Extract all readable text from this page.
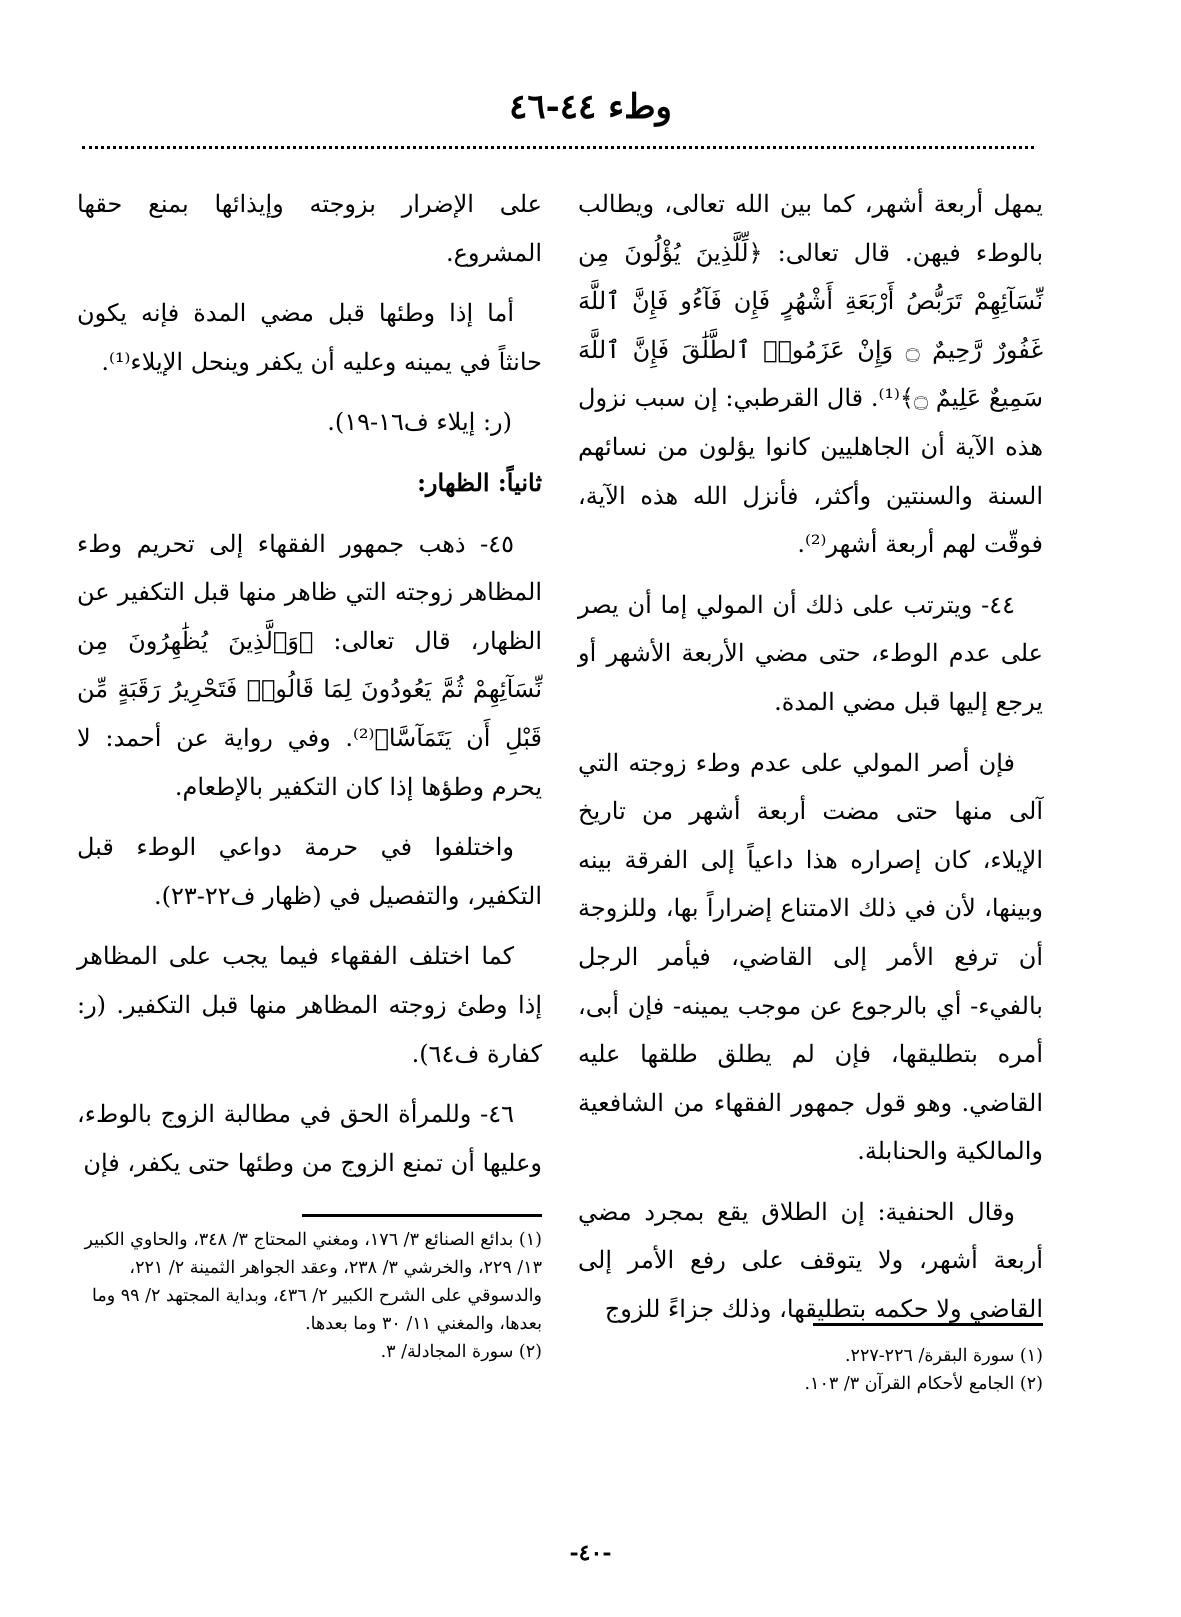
وطء ٤٤-٤٦

يمهل أربعة أشهر، كما بين الله تعالى، ويطالب بالوطء فيهن. قال تعالى: ﴿لِّلَّذِينَ يُؤْلُونَ مِن نِّسَآئِهِمْ تَرَبُّصُ أَرْبَعَةِ أَشْهُرٍ فَإِن فَآءُو فَإِنَّ ٱللَّهَ غَفُورٌ رَّحِيمٌ ۝ وَإِنْ عَزَمُوا۟ ٱلطَّلَٰقَ فَإِنَّ ٱللَّهَ سَمِيعٌ عَلِيمٌ ۝﴾⁽¹⁾. قال القرطبي: إن سبب نزول هذه الآية أن الجاهليين كانوا يؤلون من نسائهم السنة والسنتين وأكثر، فأنزل الله هذه الآية، فوقّت لهم أربعة أشهر⁽²⁾.

٤٤- ويترتب على ذلك أن المولي إما أن يصر على عدم الوطء، حتى مضي الأربعة الأشهر أو يرجع إليها قبل مضي المدة.

فإن أصر المولي على عدم وطء زوجته التي آلى منها حتى مضت أربعة أشهر من تاريخ الإيلاء، كان إصراره هذا داعياً إلى الفرقة بينه وبينها، لأن في ذلك الامتناع إضراراً بها، وللزوجة أن ترفع الأمر إلى القاضي، فيأمر الرجل بالفيء- أي بالرجوع عن موجب يمينه- فإن أبى، أمره بتطليقها، فإن لم يطلق طلقها عليه القاضي. وهو قول جمهور الفقهاء من الشافعية والمالكية والحنابلة.

وقال الحنفية: إن الطلاق يقع بمجرد مضي أربعة أشهر، ولا يتوقف على رفع الأمر إلى القاضي ولا حكمه بتطليقها، وذلك جزاءً للزوج

(١) سورة البقرة/ ٢٢٦-٢٢٧.

(٢) الجامع لأحكام القرآن ٣/ ١٠٣.

على الإضرار بزوجته وإيذائها بمنع حقها المشروع.

أما إذا وطئها قبل مضي المدة فإنه يكون حانثاً في يمينه وعليه أن يكفر وينحل الإيلاء⁽¹⁾.

(ر: إيلاء ف١٦-١٩).

ثانياً: الظهار:

٤٥- ذهب جمهور الفقهاء إلى تحريم وطء المظاهر زوجته التي ظاهر منها قبل التكفير عن الظهار، قال تعالى: ﴿وَٱلَّذِينَ يُظَٰهِرُونَ مِن نِّسَآئِهِمْ ثُمَّ يَعُودُونَ لِمَا قَالُوا۟ فَتَحْرِيرُ رَقَبَةٍ مِّن قَبْلِ أَن يَتَمَآسَّا﴾⁽²⁾. وفي رواية عن أحمد: لا يحرم وطؤها إذا كان التكفير بالإطعام.

واختلفوا في حرمة دواعي الوطء قبل التكفير، والتفصيل في (ظهار ف٢٢-٢٣).

كما اختلف الفقهاء فيما يجب على المظاهر إذا وطئ زوجته المظاهر منها قبل التكفير. (ر: كفارة ف٦٤).

٤٦- وللمرأة الحق في مطالبة الزوج بالوطء، وعليها أن تمنع الزوج من وطئها حتى يكفر، فإن

(١) بدائع الصنائع ٣/ ١٧٦، ومغني المحتاج ٣/ ٣٤٨، والحاوي الكبير ١٣/ ٢٢٩، والخرشي ٣/ ٢٣٨، وعقد الجواهر الثمينة ٢/ ٢٢١، والدسوقي على الشرح الكبير ٢/ ٤٣٦، وبداية المجتهد ٢/ ٩٩ وما بعدها، والمغني ١١/ ٣٠ وما بعدها.

(٢) سورة المجادلة/ ٣.

-٤٠-
